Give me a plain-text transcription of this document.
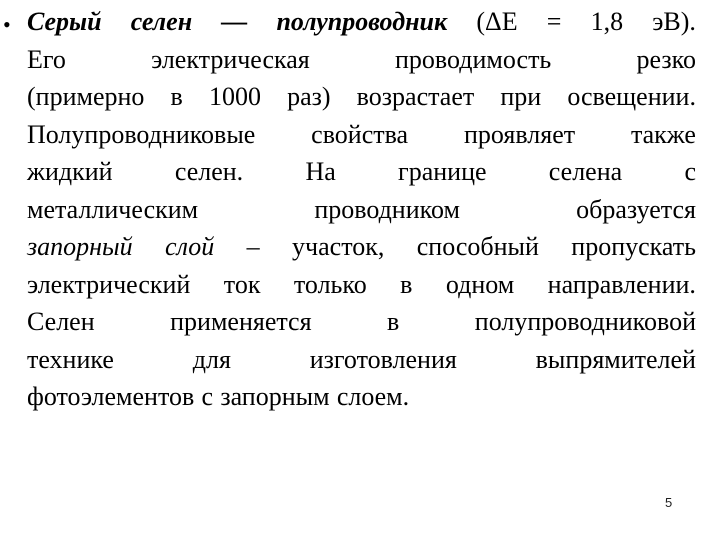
• Серый селен — полупроводник (ΔЕ = 1,8 эВ).
Его	электрическая	проводимость	резко
(примерно в 1000 раз) возрастает при освещении.
Полупроводниковые свойства проявляет также
жидкий селен. На границе селена с
металлическим	проводником	образуется
запорный слой – участок, способный пропускать
электрический ток только в одном направлении.
Селен	применяется	в	полупроводниковой
технике	для	изготовления	выпрямителей
фотоэлементов с запорным слоем.
5
